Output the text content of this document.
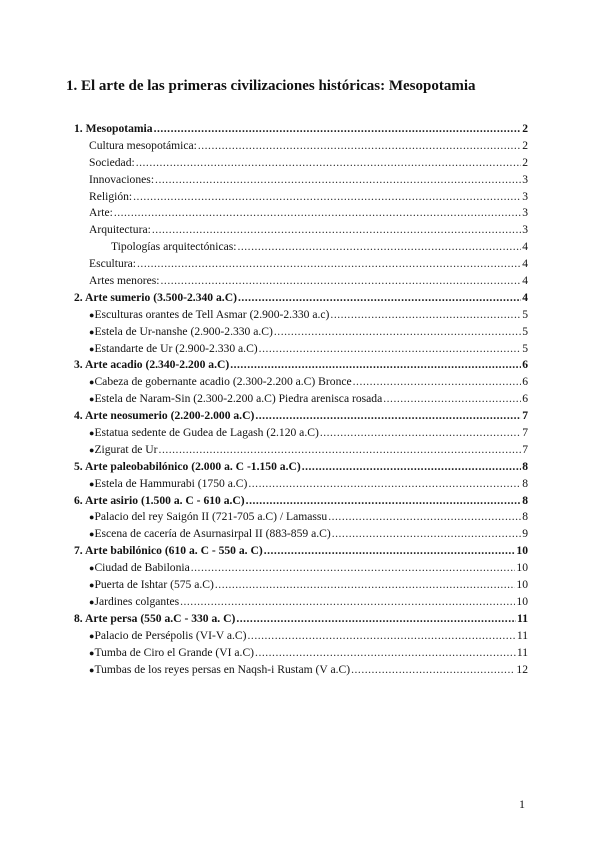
1. El arte de las primeras civilizaciones históricas: Mesopotamia
1. Mesopotamia .....	2
Cultura mesopotámica: .....	2
Sociedad: .....	2
Innovaciones: .....	3
Religión: .....	3
Arte: .....	3
Arquitectura: .....	3
Tipologías arquitectónicas: .....	4
Escultura: .....	4
Artes menores: .....	4
2. Arte sumerio (3.500-2.340 a.C) .....	4
● Esculturas orantes de Tell Asmar (2.900-2.330 a.c) .....	5
● Estela de Ur-nanshe (2.900-2.330 a.C) .....	5
● Estandarte de Ur (2.900-2.330 a.C) .....	5
3. Arte acadio (2.340-2.200 a.C) .....	6
● Cabeza de gobernante acadio (2.300-2.200 a.C) Bronce .....	6
● Estela de Naram-Sin (2.300-2.200 a.C) Piedra arenisca rosada .....	6
4. Arte neosumerio (2.200-2.000 a.C) .....	7
● Estatua sedente de Gudea de Lagash (2.120 a.C) .....	7
● Zigurat de Ur .....	7
5. Arte paleobabilónico (2.000 a. C -1.150 a.C) .....	8
● Estela de Hammurabi (1750 a.C) .....	8
6. Arte asirio (1.500 a. C - 610 a.C) .....	8
● Palacio del rey Saigón II (721-705 a.C) / Lamassu .....	8
● Escena de cacería de Asurnasirpal II (883-859 a.C) .....	9
7. Arte babilónico (610 a. C - 550 a. C) .....	10
● Ciudad de Babilonia .....	10
● Puerta de Ishtar (575 a.C) .....	10
● Jardines colgantes .....	10
8. Arte persa (550 a.C - 330 a. C) .....	11
● Palacio de Persépolis (VI-V a.C) .....	11
● Tumba de Ciro el Grande (VI a.C) .....	11
● Tumbas de los reyes persas en Naqsh-i Rustam (V a.C) .....	12
1
